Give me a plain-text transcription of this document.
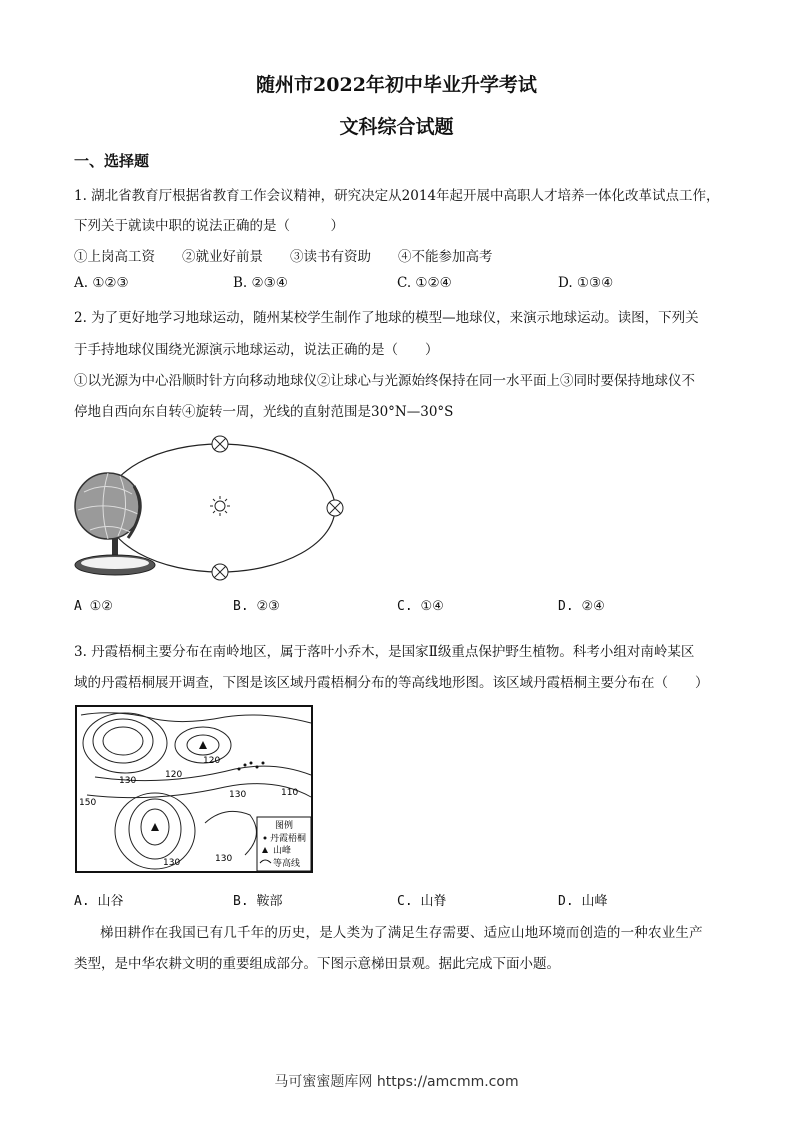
随州市2022年初中毕业升学考试
文科综合试题
一、选择题
1. 湖北省教育厅根据省教育工作会议精神，研究决定从2014年起开展中高职人才培养一体化改革试点工作，
下列关于就读中职的说法正确的是（　　　）
①上岗高工资　　②就业好前景　　③读书有资助　　④不能参加高考
A. ①②③	B. ②③④	C. ①②④	D. ①③④
2. 为了更好地学习地球运动，随州某校学生制作了地球的模型—地球仪，来演示地球运动。读图，下列关
于手持地球仪围绕光源演示地球运动，说法正确的是（　　）
①以光源为中心沿顺时针方向移动地球仪②让球心与光源始终保持在同一水平面上③同时要保持地球仪不
停地自西向东自转④旋转一周，光线的直射范围是30°N—30°S
A ①②	B. ②③	C. ①④	D. ②④
3. 丹霞梧桐主要分布在南岭地区，属于落叶小乔木，是国家Ⅱ级重点保护野生植物。科考小组对南岭某区
域的丹霞梧桐展开调查，下图是该区域丹霞梧桐分布的等高线地形图。该区域丹霞梧桐主要分布在（　　）
120
130
120
110
130
150
130	130
图例
丹霞梧桐
山峰
等高线
A. 山谷	B. 鞍部	C. 山脊	D. 山峰
梯田耕作在我国已有几千年的历史，是人类为了满足生存需要、适应山地环境而创造的一种农业生产
类型，是中华农耕文明的重要组成部分。下图示意梯田景观。据此完成下面小题。
马可蜜蜜题库网 https://amcmm.com
